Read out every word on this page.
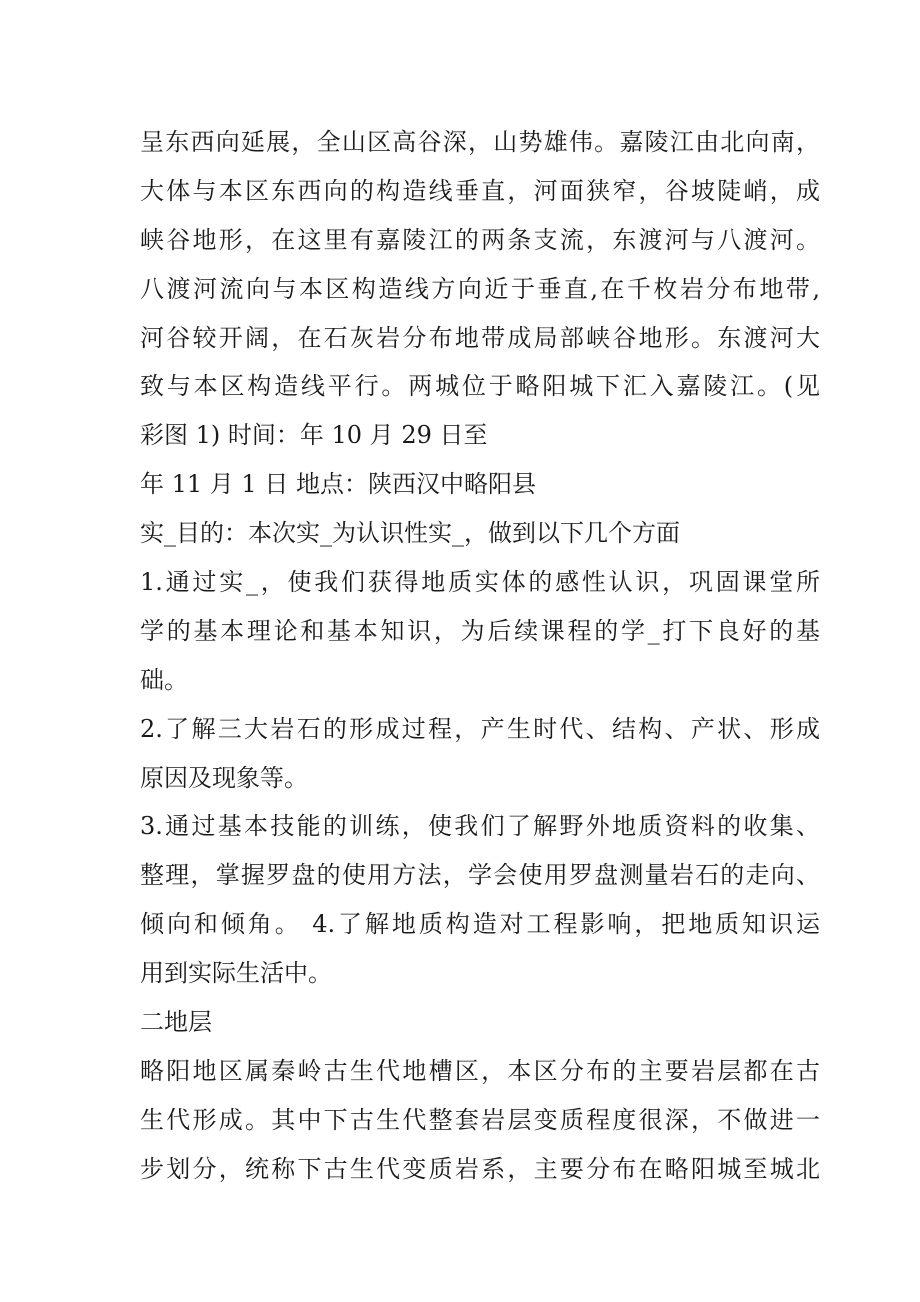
呈东西向延展，全山区高谷深，山势雄伟。嘉陵江由北向南，
大体与本区东西向的构造线垂直，河面狭窄，谷坡陡峭，成
峡谷地形，在这里有嘉陵江的两条支流，东渡河与八渡河。
八渡河流向与本区构造线方向近于垂直,在千枚岩分布地带,
河谷较开阔，在石灰岩分布地带成局部峡谷地形。东渡河大
致与本区构造线平行。两城位于略阳城下汇入嘉陵江。(见
彩图 1) 时间：年 10 月 29 日至
年 11 月 1 日 地点：陕西汉中略阳县
实_目的：本次实_为认识性实_，做到以下几个方面
1.通过实_，使我们获得地质实体的感性认识，巩固课堂所
学的基本理论和基本知识，为后续课程的学_打下良好的基
础。
2.了解三大岩石的形成过程，产生时代、结构、产状、形成
原因及现象等。
3.通过基本技能的训练，使我们了解野外地质资料的收集、
整理，掌握罗盘的使用方法，学会使用罗盘测量岩石的走向、
倾向和倾角。 4.了解地质构造对工程影响，把地质知识运
用到实际生活中。
二地层
略阳地区属秦岭古生代地槽区，本区分布的主要岩层都在古
生代形成。其中下古生代整套岩层变质程度很深，不做进一
步划分，统称下古生代变质岩系，主要分布在略阳城至城北
